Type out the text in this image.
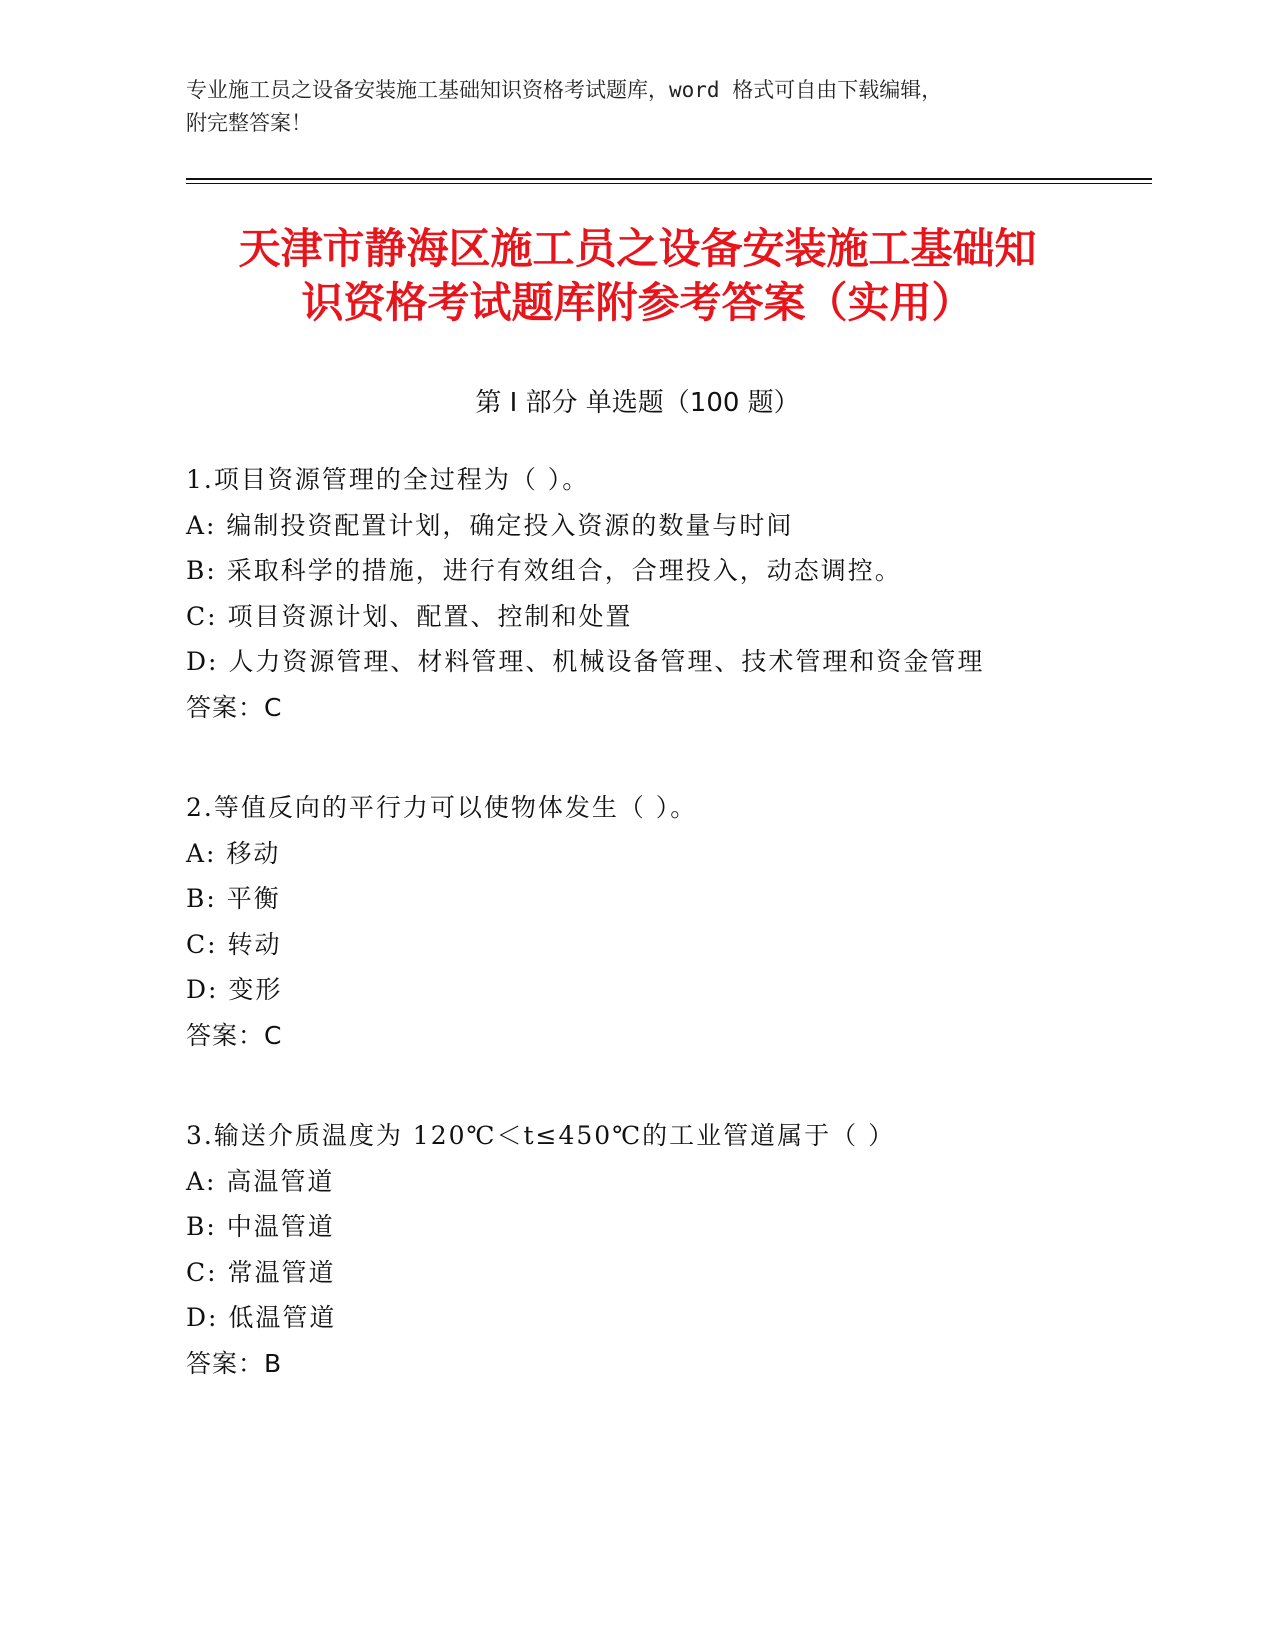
专业施工员之设备安装施工基础知识资格考试题库，word 格式可自由下载编辑，
附完整答案！
天津市静海区施工员之设备安装施工基础知
识资格考试题库附参考答案（实用）
第 I 部分 单选题（100 题）
1.项目资源管理的全过程为（ ）。
A: 编制投资配置计划，确定投入资源的数量与时间
B: 采取科学的措施，进行有效组合，合理投入，动态调控。
C: 项目资源计划、配置、控制和处置
D: 人力资源管理、材料管理、机械设备管理、技术管理和资金管理
答案：C
2.等值反向的平行力可以使物体发生（ ）。
A: 移动
B: 平衡
C: 转动
D: 变形
答案：C
3.输送介质温度为 120℃＜t≤450℃的工业管道属于（ ）
A: 高温管道
B: 中温管道
C: 常温管道
D: 低温管道
答案：B
